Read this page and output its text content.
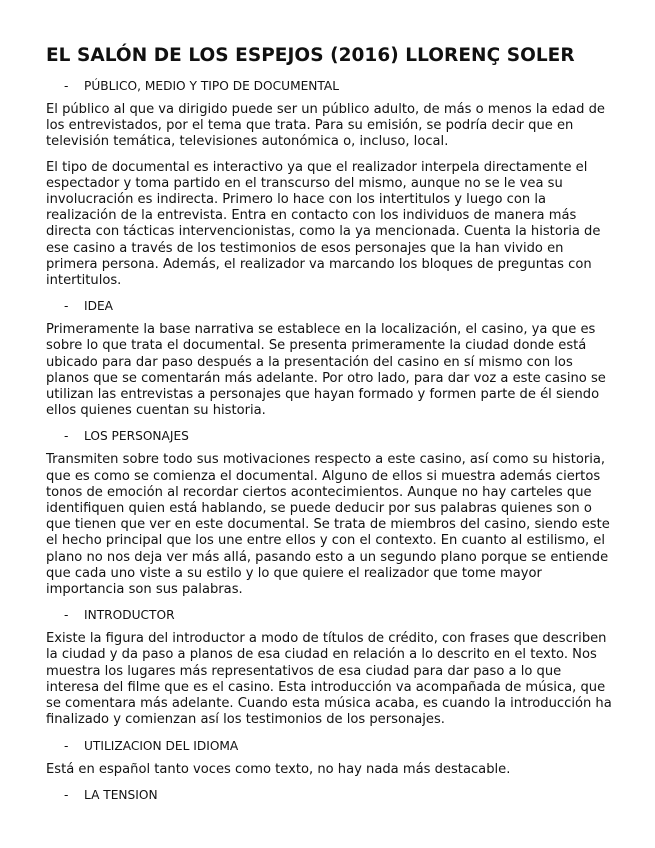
EL SALÓN DE LOS ESPEJOS (2016) LLORENÇ SOLER
-	PÚBLICO, MEDIO Y TIPO DE DOCUMENTAL

El público al que va dirigido puede ser un público adulto, de más o menos la edad de los entrevistados, por el tema que trata. Para su emisión, se podría decir que en televisión temática, televisiones autonómica o, incluso, local.

El tipo de documental es interactivo ya que el realizador interpela directamente el espectador y toma partido en el transcurso del mismo, aunque no se le vea su involucración es indirecta. Primero lo hace con los intertitulos y luego con la realización de la entrevista. Entra en contacto con los individuos de manera más directa con tácticas intervencionistas, como la ya mencionada. Cuenta la historia de ese casino a través de los testimonios de esos personajes que la han vivido en primera persona. Además, el realizador va marcando los bloques de preguntas con intertitulos.

-	IDEA

Primeramente la base narrativa se establece en la localización, el casino, ya que es sobre lo que trata el documental. Se presenta primeramente la ciudad donde está ubicado para dar paso después a la presentación del casino en sí mismo con los planos que se comentarán más adelante. Por otro lado, para dar voz a este casino se utilizan las entrevistas a personajes que hayan formado y formen parte de él siendo ellos quienes cuentan su historia.

-	LOS PERSONAJES

Transmiten sobre todo sus motivaciones respecto a este casino, así como su historia, que es como se comienza el documental. Alguno de ellos si muestra además ciertos tonos de emoción al recordar ciertos acontecimientos. Aunque no hay carteles que identifiquen quien está hablando, se puede deducir por sus palabras quienes son o que tienen que ver en este documental. Se trata de miembros del casino, siendo este el hecho principal que los une entre ellos y con el contexto. En cuanto al estilismo, el plano no nos deja ver más allá, pasando esto a un segundo plano porque se entiende que cada uno viste a su estilo y lo que quiere el realizador que tome mayor importancia son sus palabras.

-	INTRODUCTOR

Existe la figura del introductor a modo de títulos de crédito, con frases que describen la ciudad y da paso a planos de esa ciudad en relación a lo descrito en el texto. Nos muestra los lugares más representativos de esa ciudad para dar paso a lo que interesa del filme que es el casino. Esta introducción va acompañada de música, que se comentara más adelante. Cuando esta música acaba, es cuando la introducción ha finalizado y comienzan así los testimonios de los personajes.

-	UTILIZACION DEL IDIOMA

Está en español tanto voces como texto, no hay nada más destacable.

-	LA TENSION
